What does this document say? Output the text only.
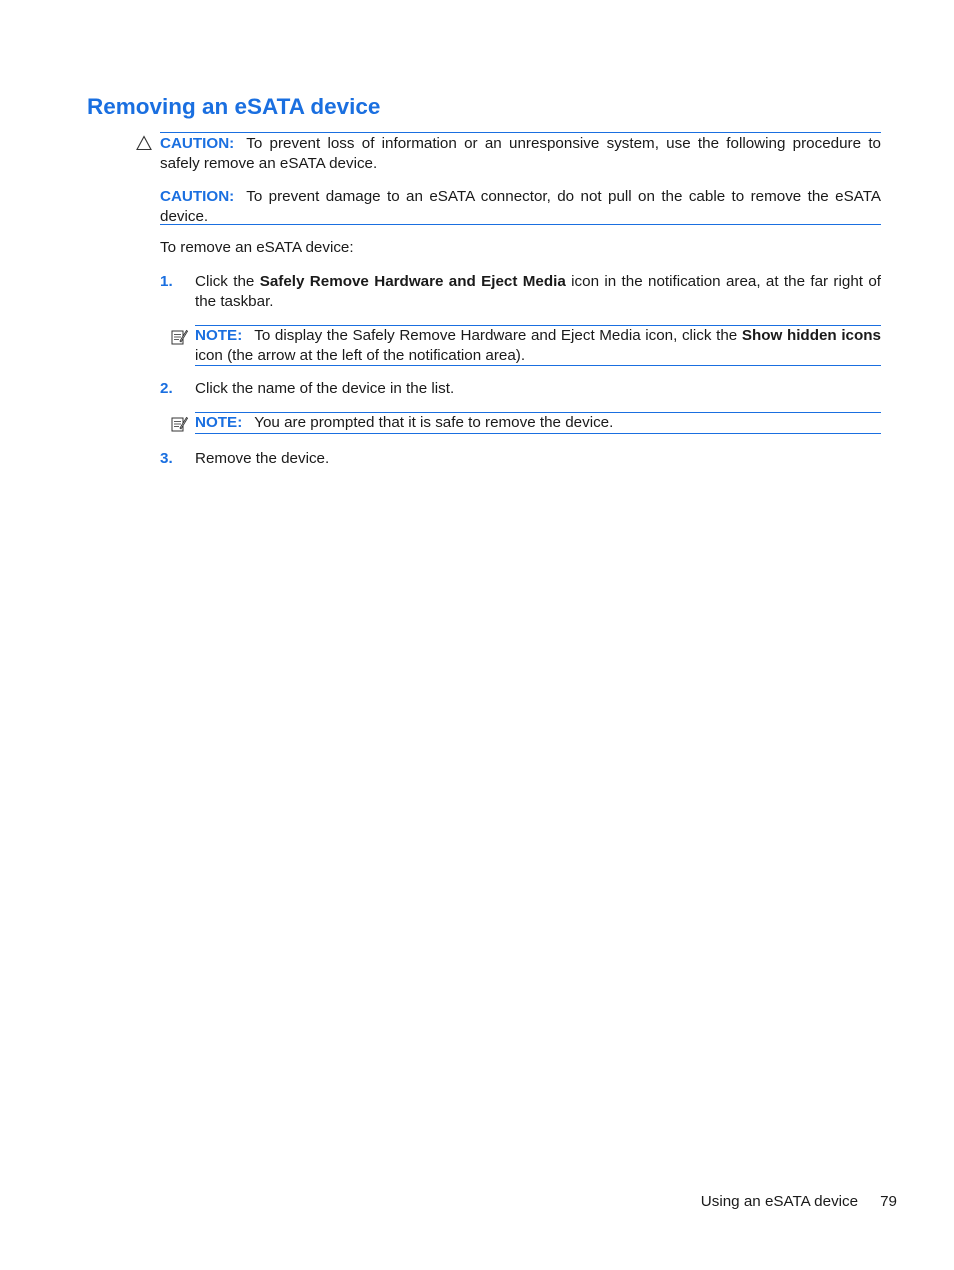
Removing an eSATA device

CAUTION: To prevent loss of information or an unresponsive system, use the following procedure to safely remove an eSATA device.

CAUTION: To prevent damage to an eSATA connector, do not pull on the cable to remove the eSATA device.

To remove an eSATA device:

1. Click the Safely Remove Hardware and Eject Media icon in the notification area, at the far right of the taskbar.

NOTE: To display the Safely Remove Hardware and Eject Media icon, click the Show hidden icons icon (the arrow at the left of the notification area).

2. Click the name of the device in the list.

NOTE: You are prompted that it is safe to remove the device.

3. Remove the device.
Using an eSATA device 79
